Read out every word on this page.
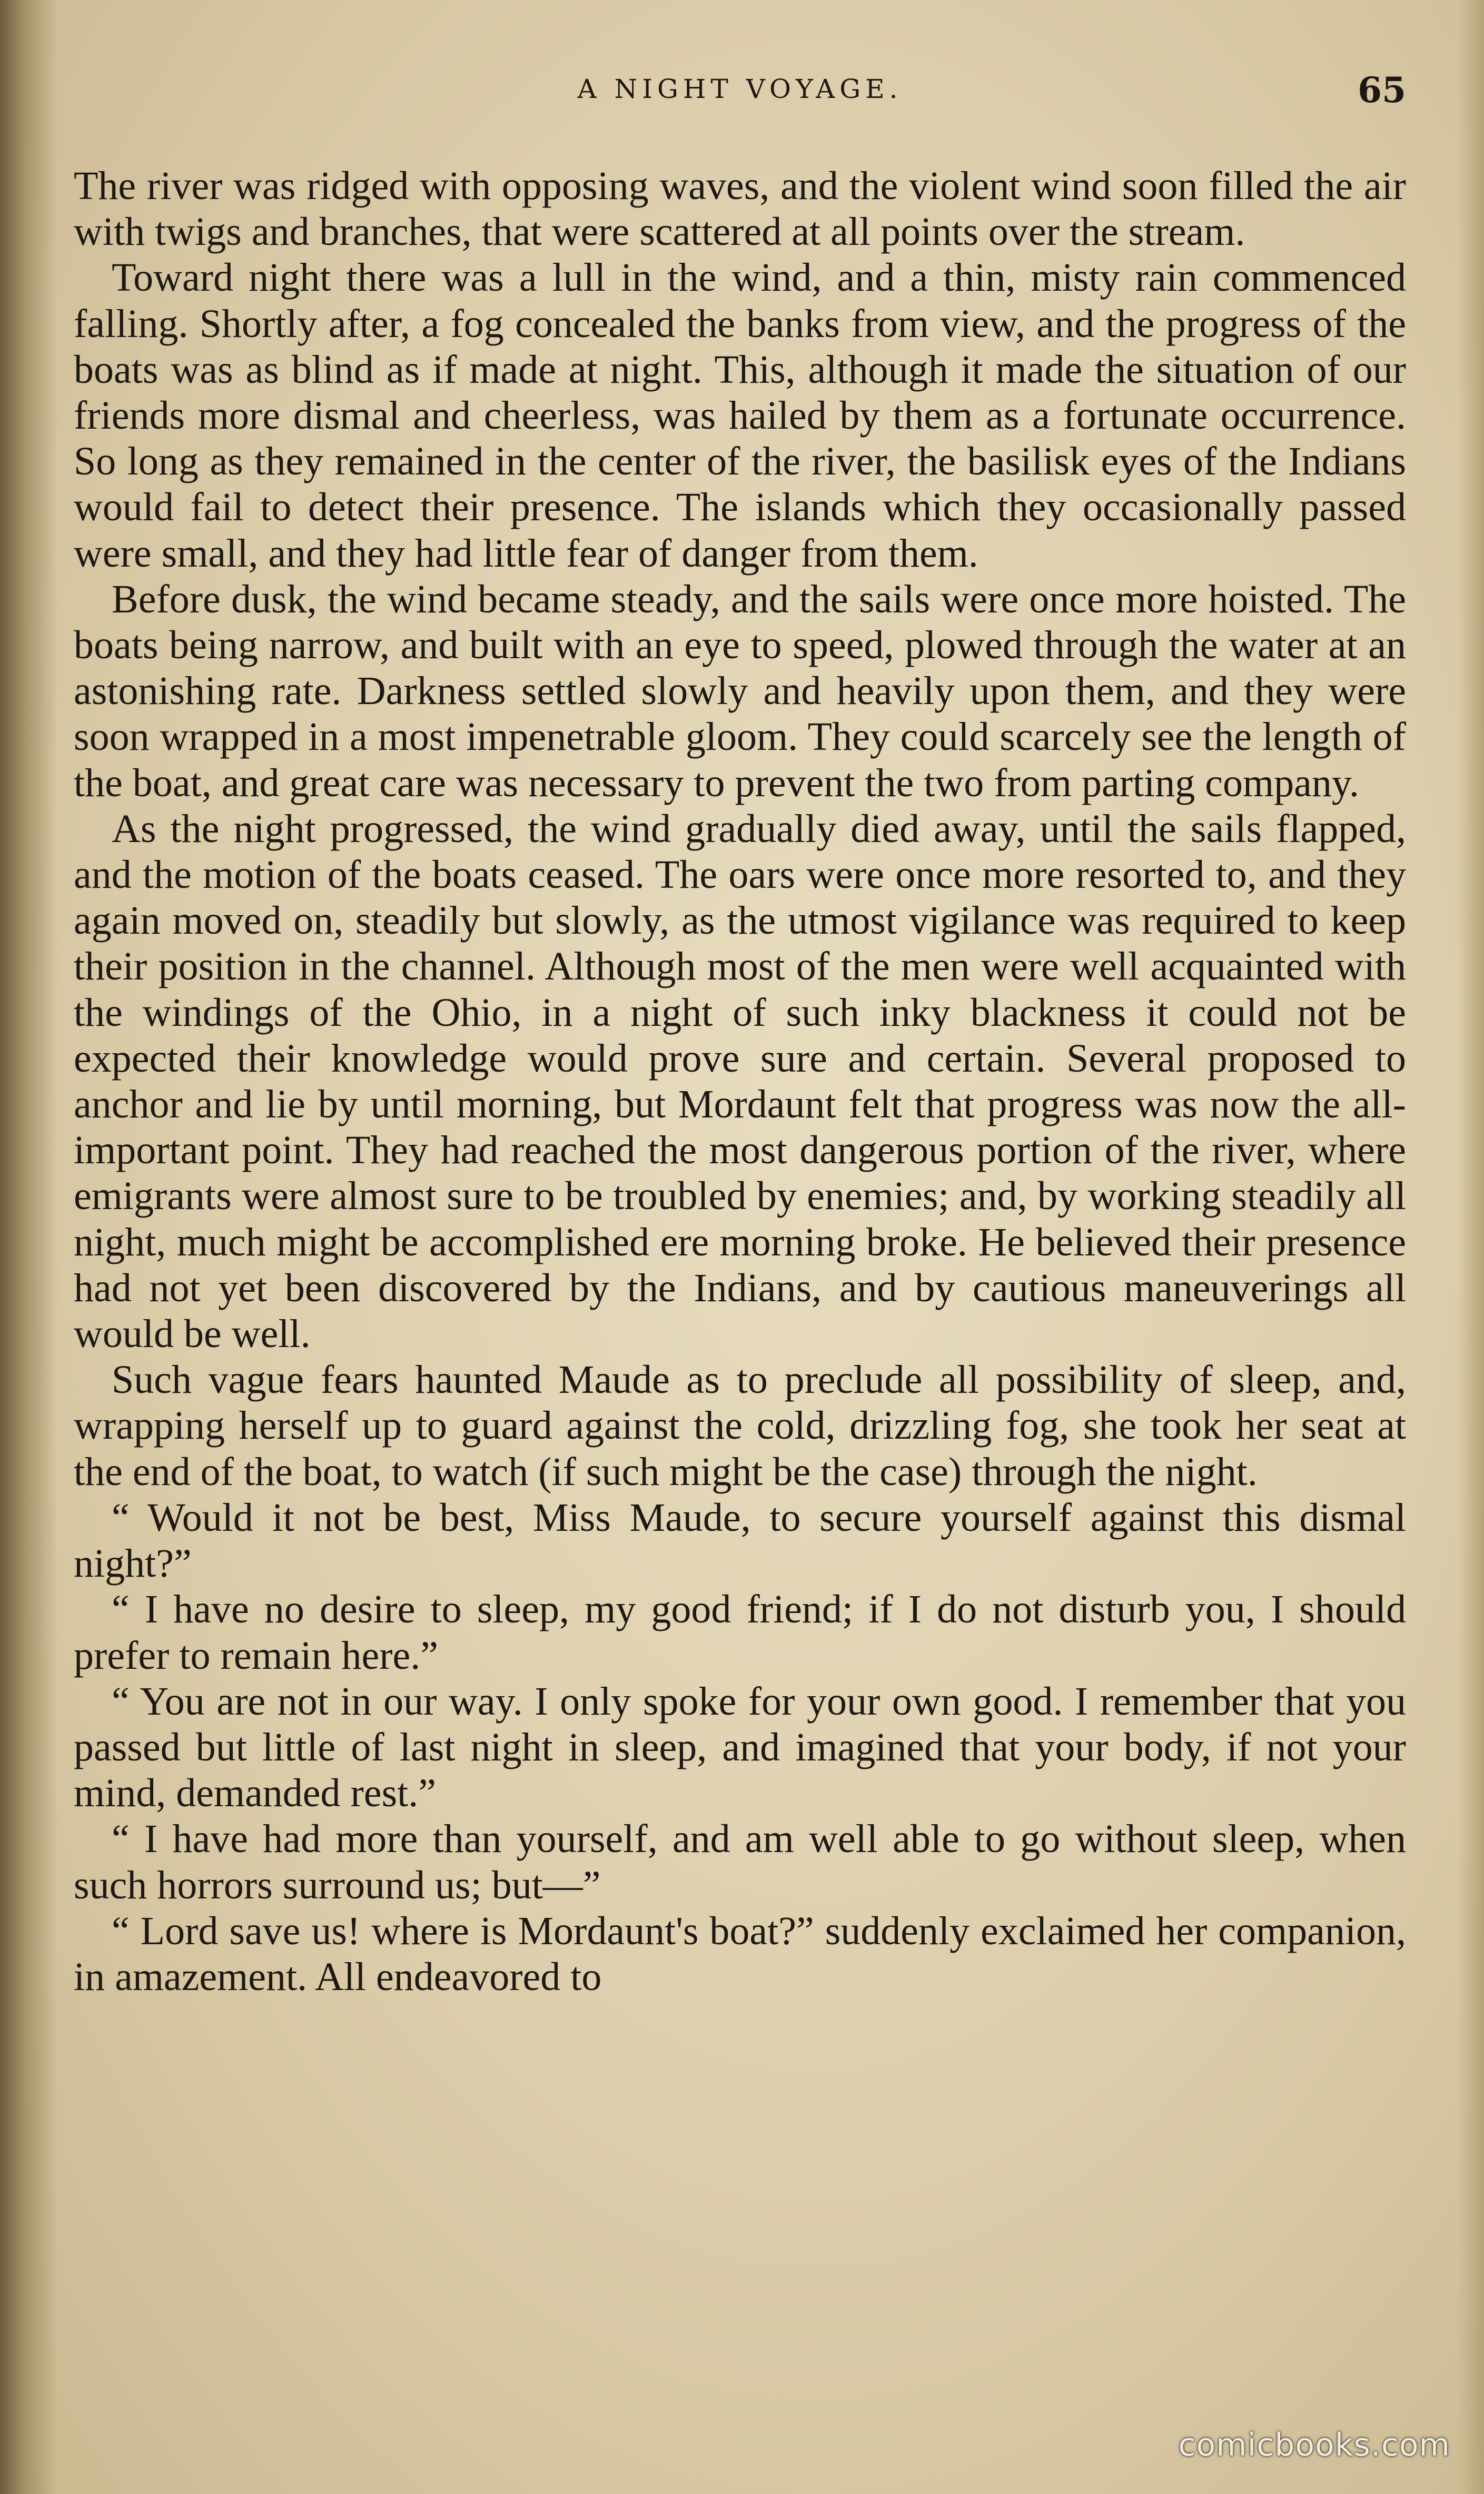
A NIGHT VOYAGE.	65

The river was ridged with opposing waves, and the violent wind soon filled the air with twigs and branches, that were scattered at all points over the stream.

Toward night there was a lull in the wind, and a thin, misty rain commenced falling. Shortly after, a fog concealed the banks from view, and the progress of the boats was as blind as if made at night. This, although it made the situation of our friends more dismal and cheerless, was hailed by them as a fortunate occurrence. So long as they remained in the center of the river, the basilisk eyes of the Indians would fail to detect their presence. The islands which they occasionally passed were small, and they had little fear of danger from them.

Before dusk, the wind became steady, and the sails were once more hoisted. The boats being narrow, and built with an eye to speed, plowed through the water at an astonishing rate. Darkness settled slowly and heavily upon them, and they were soon wrapped in a most impenetrable gloom. They could scarcely see the length of the boat, and great care was necessary to prevent the two from parting company.

As the night progressed, the wind gradually died away, until the sails flapped, and the motion of the boats ceased. The oars were once more resorted to, and they again moved on, steadily but slowly, as the utmost vigilance was required to keep their position in the channel. Although most of the men were well acquainted with the windings of the Ohio, in a night of such inky blackness it could not be expected their knowledge would prove sure and certain. Several proposed to anchor and lie by until morning, but Mordaunt felt that progress was now the all-important point. They had reached the most dangerous portion of the river, where emigrants were almost sure to be troubled by enemies; and, by working steadily all night, much might be accomplished ere morning broke. He believed their presence had not yet been discovered by the Indians, and by cautious maneuverings all would be well.

Such vague fears haunted Maude as to preclude all possibility of sleep, and, wrapping herself up to guard against the cold, drizzling fog, she took her seat at the end of the boat, to watch (if such might be the case) through the night.

“ Would it not be best, Miss Maude, to secure yourself against this dismal night?”

“ I have no desire to sleep, my good friend; if I do not disturb you, I should prefer to remain here.”

“ You are not in our way. I only spoke for your own good. I remember that you passed but little of last night in sleep, and imagined that your body, if not your mind, demanded rest.”

“ I have had more than yourself, and am well able to go without sleep, when such horrors surround us; but—”

“ Lord save us! where is Mordaunt's boat?” suddenly exclaimed her companion, in amazement. All endeavored to

comicbooks.com
